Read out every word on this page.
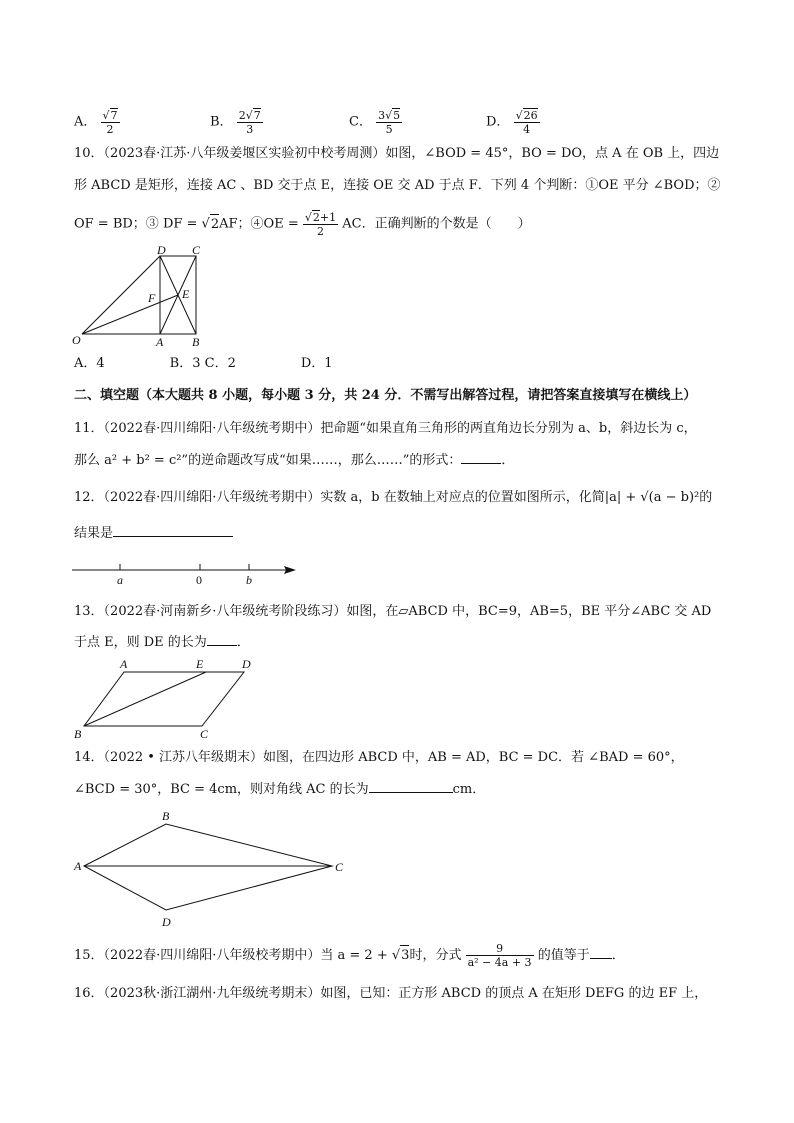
A． $\frac{√7}{2}$	B． $\frac{2√7}{3}$	C． $\frac{3√5}{5}$	D． $\frac{√26}{4}$
10．（2023春·江苏·八年级姜堰区实验初中校考周测）如图，∠BOD = 45°，BO = DO，点 A 在 OB 上，四边
形 ABCD 是矩形，连接 AC 、BD 交于点 E，连接 OE 交 AD 于点 F．下列 4 个判断：①OE 平分 ∠BOD；②
OF = BD；③ DF = √2AF；④OE = $\frac{√2+1}{2}$ AC．正确判断的个数是（　　）
D C
F E
O	A B
A．4　　　　　B．3 C．2　　　　　D．1
二、填空题（本大题共 8 小题，每小题 3 分，共 24 分．不需写出解答过程，请把答案直接填写在横线上）
11．（2022春·四川绵阳·八年级统考期中）把命题“如果直角三角形的两直角边长分别为 a、b，斜边长为 c，
那么 a² + b² = c²”的逆命题改写成“如果……，那么……”的形式：	．
12．（2022春·四川绵阳·八年级统考期中）实数 a，b 在数轴上对应点的位置如图所示，化简|a| + √(a − b)²的
结果是
a	0	b
13．（2022春·河南新乡·八年级统考阶段练习）如图，在▱ABCD 中，BC=9，AB=5，BE 平分∠ABC 交 AD
于点 E，则 DE 的长为 ．
A	E	D
B	C
14．（2022 • 江苏八年级期末）如图，在四边形 ABCD 中，AB = AD，BC = DC．若 ∠BAD = 60°，
∠BCD = 30°，BC = 4cm，则对角线 AC 的长为	cm．
B
A	C
D
15．（2022春·四川绵阳·八年级校考期中）当 a = 2 + √3时，分式 $\frac{9}{\text{a² − 4a + 3}}$ 的值等于 ．
16．（2023秋·浙江湖州·九年级统考期末）如图，已知：正方形 ABCD 的顶点 A 在矩形 DEFG 的边 EF 上，
